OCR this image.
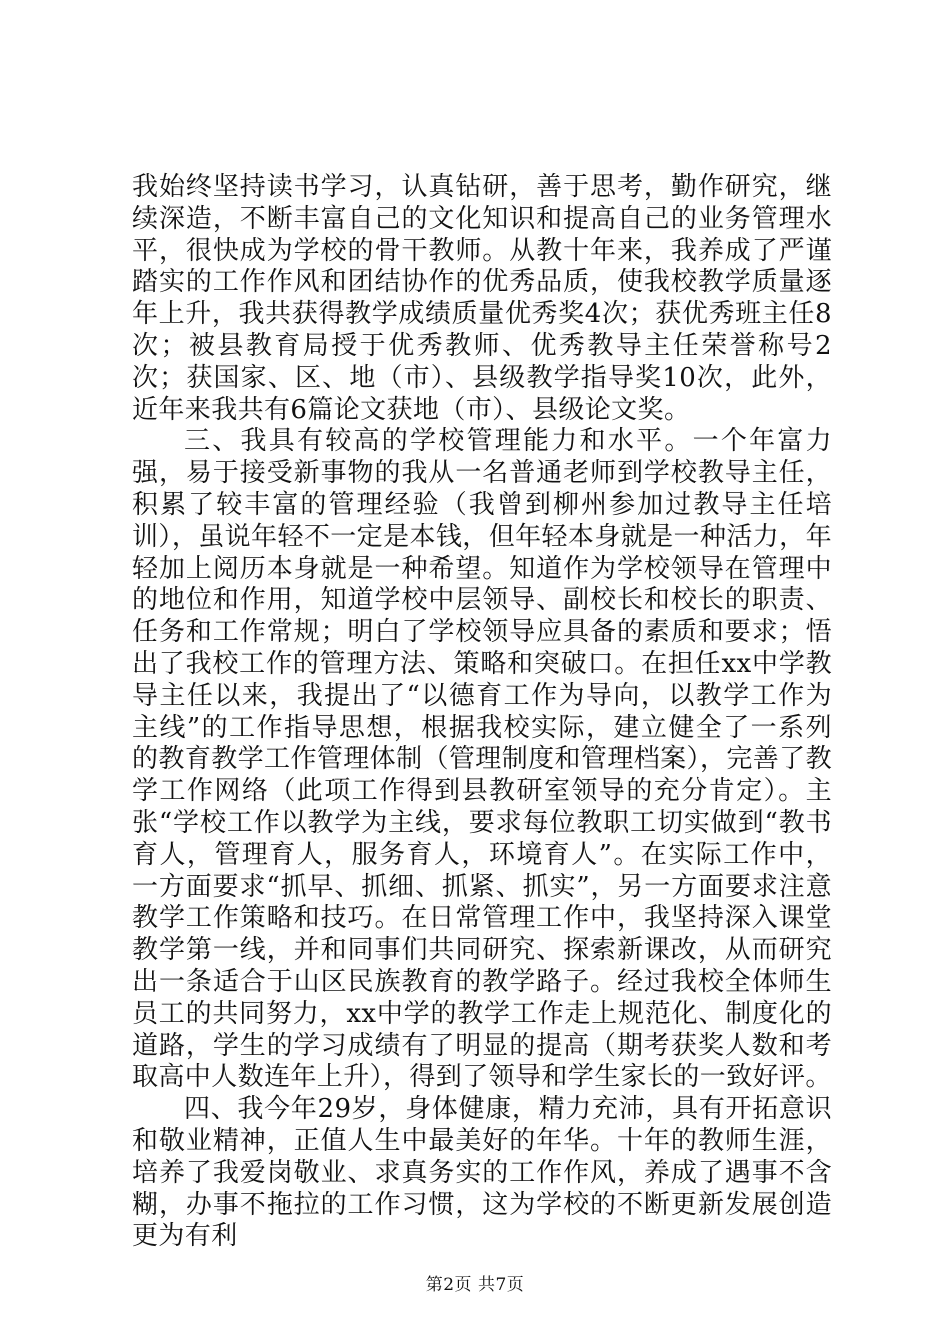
我始终坚持读书学习，认真钻研，善于思考，勤作研究，继续深造，不断丰富自己的文化知识和提高自己的业务管理水平，很快成为学校的骨干教师。从教十年来，我养成了严谨踏实的工作作风和团结协作的优秀品质，使我校教学质量逐年上升，我共获得教学成绩质量优秀奖4次；获优秀班主任8次；被县教育局授于优秀教师、优秀教导主任荣誉称号2次；获国家、区、地（市）、县级教学指导奖10次，此外，近年来我共有6篇论文获地（市）、县级论文奖。

三、我具有较高的学校管理能力和水平。一个年富力强，易于接受新事物的我从一名普通老师到学校教导主任，积累了较丰富的管理经验（我曾到柳州参加过教导主任培训），虽说年轻不一定是本钱，但年轻本身就是一种活力，年轻加上阅历本身就是一种希望。知道作为学校领导在管理中的地位和作用，知道学校中层领导、副校长和校长的职责、任务和工作常规；明白了学校领导应具备的素质和要求；悟出了我校工作的管理方法、策略和突破口。在担任xx中学教导主任以来，我提出了“以德育工作为导向，以教学工作为主线”的工作指导思想，根据我校实际，建立健全了一系列的教育教学工作管理体制（管理制度和管理档案），完善了教学工作网络（此项工作得到县教研室领导的充分肯定）。主张“学校工作以教学为主线，要求每位教职工切实做到“教书育人，管理育人，服务育人，环境育人”。在实际工作中，一方面要求“抓早、抓细、抓紧、抓实”，另一方面要求注意教学工作策略和技巧。在日常管理工作中，我坚持深入课堂教学第一线，并和同事们共同研究、探索新课改，从而研究出一条适合于山区民族教育的教学路子。经过我校全体师生员工的共同努力，xx中学的教学工作走上规范化、制度化的道路，学生的学习成绩有了明显的提高（期考获奖人数和考取高中人数连年上升），得到了领导和学生家长的一致好评。

四、我今年29岁，身体健康，精力充沛，具有开拓意识和敬业精神，正值人生中最美好的年华。十年的教师生涯，培养了我爱岗敬业、求真务实的工作作风，养成了遇事不含糊，办事不拖拉的工作习惯，这为学校的不断更新发展创造更为有利

第2页 共7页
